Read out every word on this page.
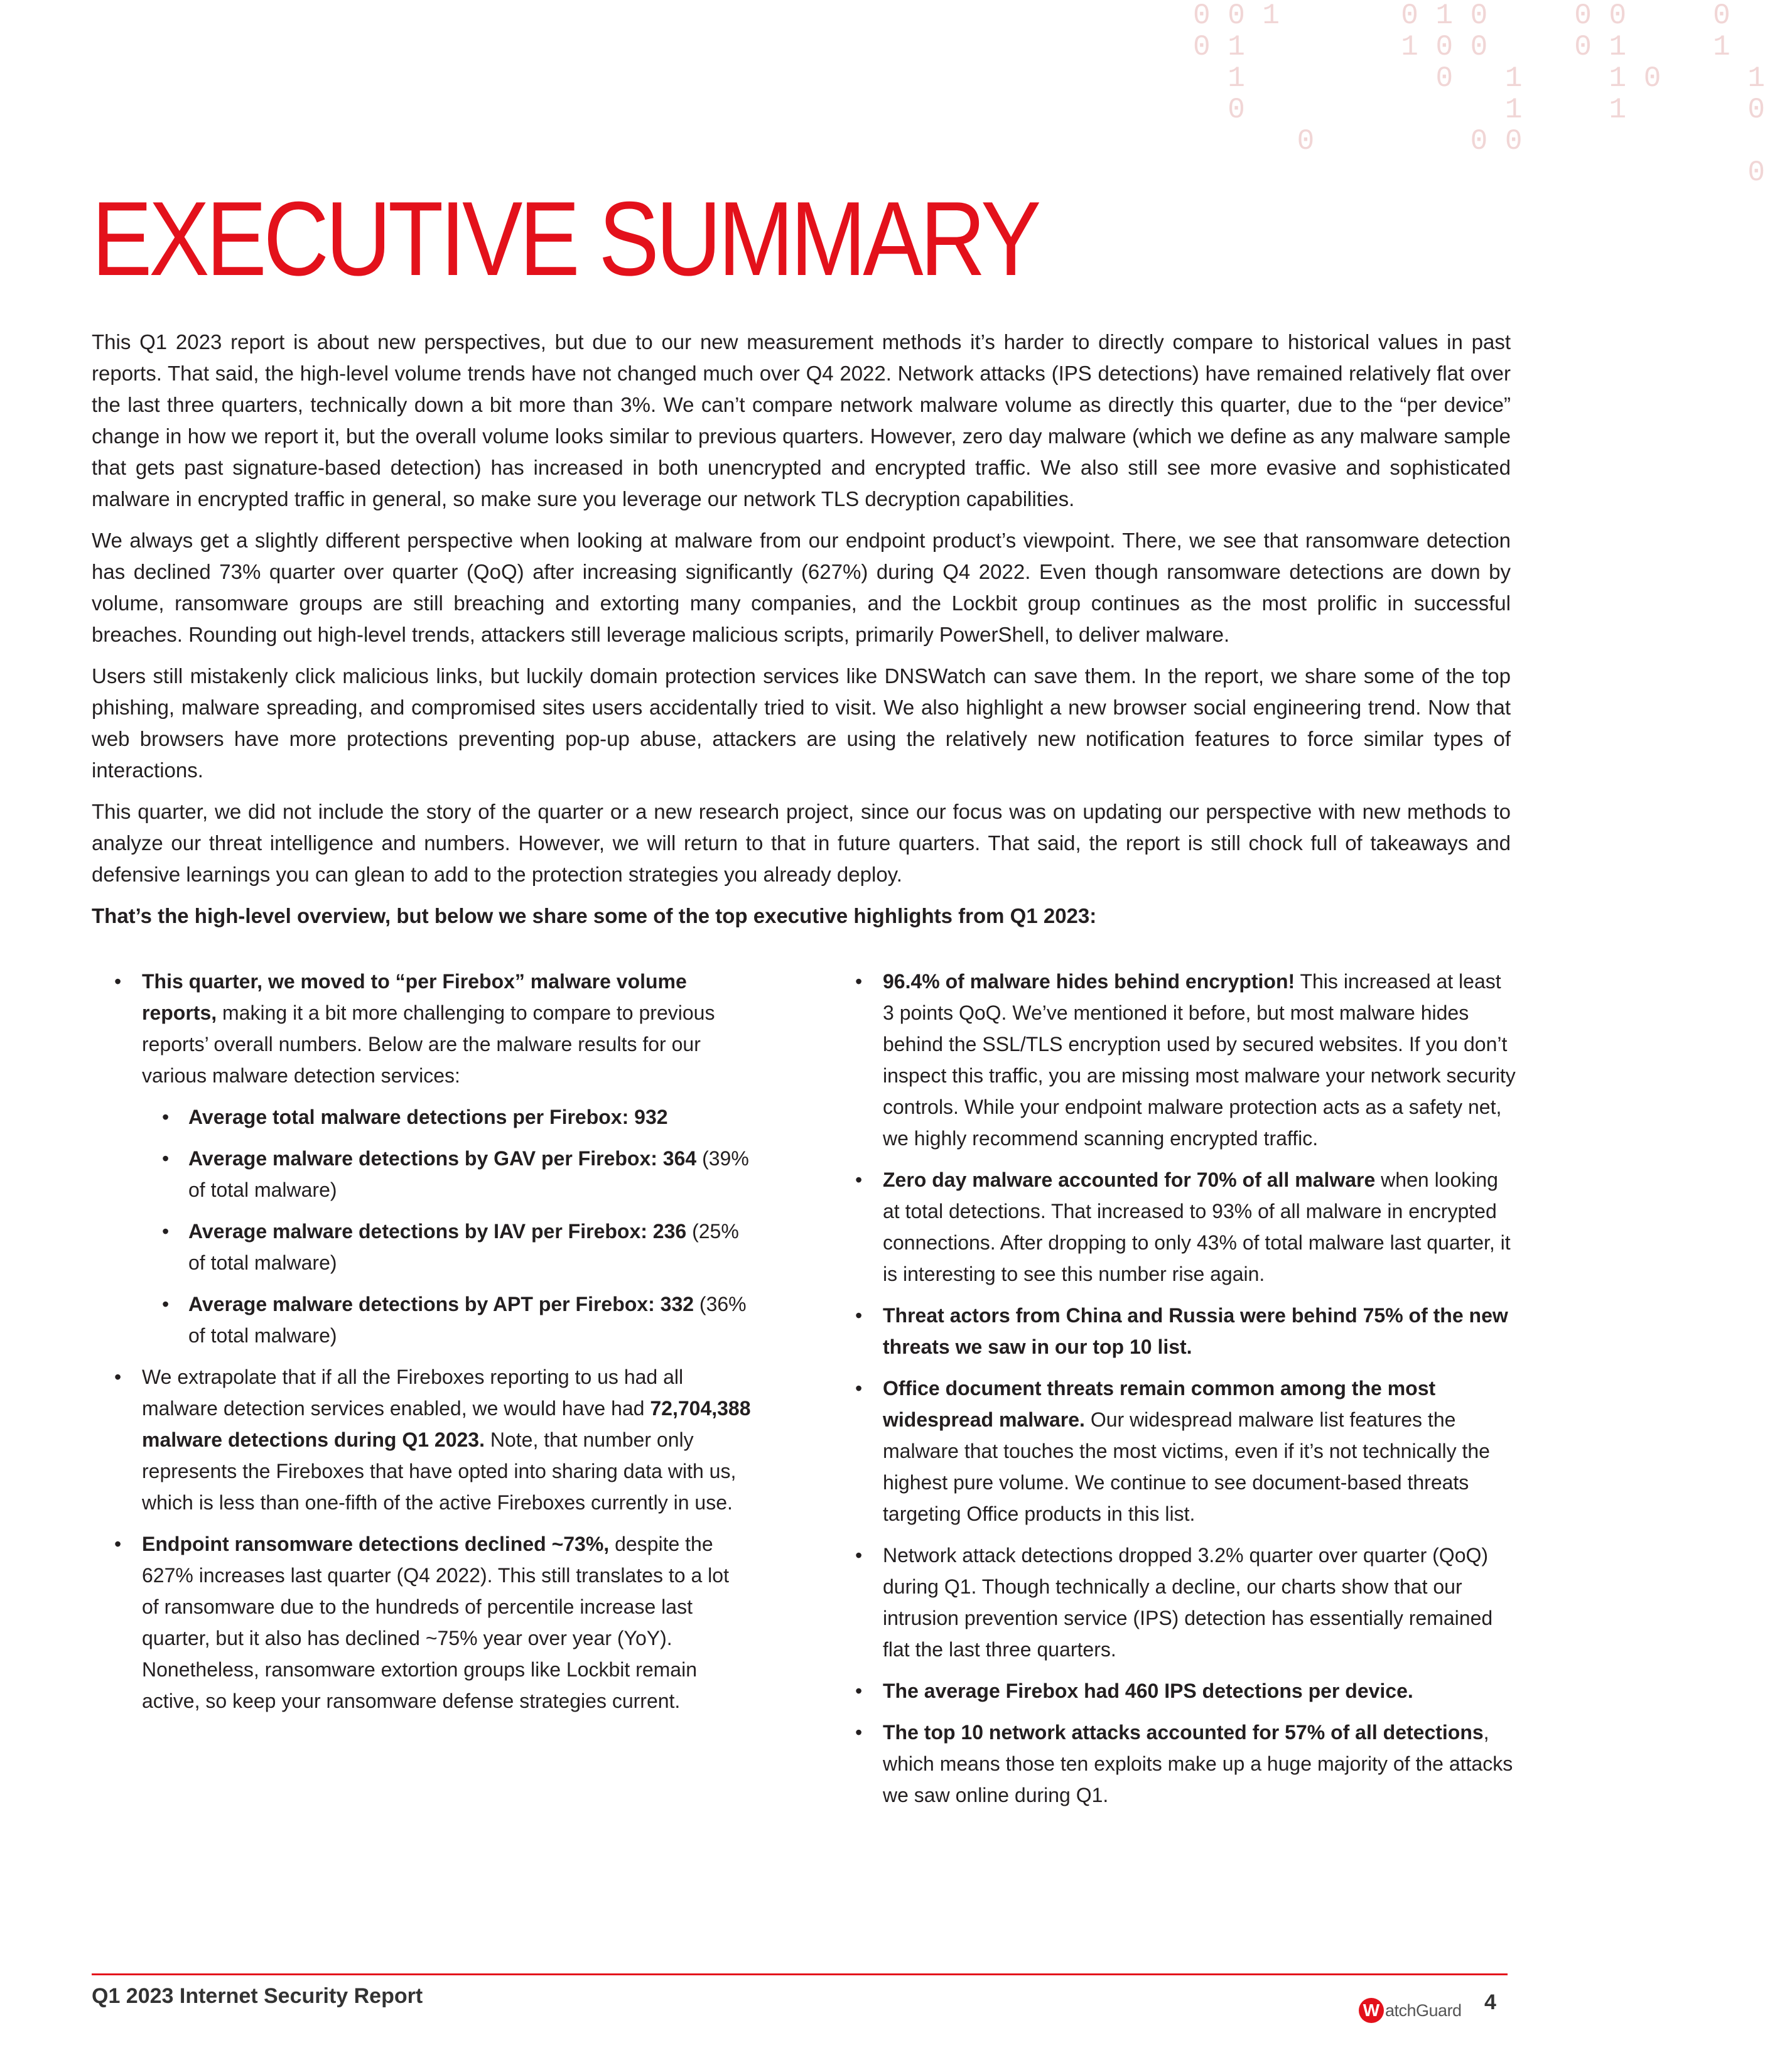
0 0 1       0 1 0     0 0     0
0 1         1 0 0     0 1     1
1           0   1     1 0     1
0               1     1       0
0         0 0
0
EXECUTIVE SUMMARY

This Q1 2023 report is about new perspectives, but due to our new measurement methods it’s harder to directly compare to historical values in past reports. That said, the high-level volume trends have not changed much over Q4 2022. Network attacks (IPS detections) have remained relatively flat over the last three quarters, technically down a bit more than 3%. We can’t compare network malware volume as directly this quarter, due to the “per device” change in how we report it, but the overall volume looks similar to previous quarters. However, zero day malware (which we define as any malware sample that gets past signature-based detection) has increased in both unencrypted and encrypted traffic. We also still see more evasive and sophisticated malware in encrypted traffic in general, so make sure you leverage our network TLS decryption capabilities.

We always get a slightly different perspective when looking at malware from our endpoint product’s viewpoint. There, we see that ransomware detection has declined 73% quarter over quarter (QoQ) after increasing significantly (627%) during Q4 2022. Even though ransomware detections are down by volume, ransomware groups are still breaching and extorting many companies, and the Lockbit group continues as the most prolific in successful breaches. Rounding out high-level trends, attackers still leverage malicious scripts, primarily PowerShell, to deliver malware.

Users still mistakenly click malicious links, but luckily domain protection services like DNSWatch can save them. In the report, we share some of the top phishing, malware spreading, and compromised sites users accidentally tried to visit. We also highlight a new browser social engineering trend. Now that web browsers have more protections preventing pop-up abuse, attackers are using the relatively new notification features to force similar types of interactions.

This quarter, we did not include the story of the quarter or a new research project, since our focus was on updating our perspective with new methods to analyze our threat intelligence and numbers. However, we will return to that in future quarters. That said, the report is still chock full of takeaways and defensive learnings you can glean to add to the protection strategies you already deploy.

That’s the high-level overview, but below we share some of the top executive highlights from Q1 2023:

• This quarter, we moved to “per Firebox” malware volume reports, making it a bit more challenging to compare to previous reports’ overall numbers. Below are the malware results for our various malware detection services:
• Average total malware detections per Firebox: 932
• Average malware detections by GAV per Firebox: 364 (39% of total malware)
• Average malware detections by IAV per Firebox: 236 (25% of total malware)
• Average malware detections by APT per Firebox: 332 (36% of total malware)
• We extrapolate that if all the Fireboxes reporting to us had all malware detection services enabled, we would have had 72,704,388 malware detections during Q1 2023. Note, that number only represents the Fireboxes that have opted into sharing data with us, which is less than one-fifth of the active Fireboxes currently in use.
• Endpoint ransomware detections declined ~73%, despite the 627% increases last quarter (Q4 2022). This still translates to a lot of ransomware due to the hundreds of percentile increase last quarter, but it also has declined ~75% year over year (YoY). Nonetheless, ransomware extortion groups like Lockbit remain active, so keep your ransomware defense strategies current.
• 96.4% of malware hides behind encryption! This increased at least 3 points QoQ. We’ve mentioned it before, but most malware hides behind the SSL/TLS encryption used by secured websites. If you don’t inspect this traffic, you are missing most malware your network security controls. While your endpoint malware protection acts as a safety net, we highly recommend scanning encrypted traffic.
• Zero day malware accounted for 70% of all malware when looking at total detections. That increased to 93% of all malware in encrypted connections. After dropping to only 43% of total malware last quarter, it is interesting to see this number rise again.
• Threat actors from China and Russia were behind 75% of the new threats we saw in our top 10 list.
• Office document threats remain common among the most widespread malware. Our widespread malware list features the malware that touches the most victims, even if it’s not technically the highest pure volume. We continue to see document-based threats targeting Office products in this list.
• Network attack detections dropped 3.2% quarter over quarter (QoQ) during Q1. Though technically a decline, our charts show that our intrusion prevention service (IPS) detection has essentially remained flat the last three quarters.
• The average Firebox had 460 IPS detections per device.
• The top 10 network attacks accounted for 57% of all detections, which means those ten exploits make up a huge majority of the attacks we saw online during Q1.
Q1 2023 Internet Security Report
W atchGuard 4
